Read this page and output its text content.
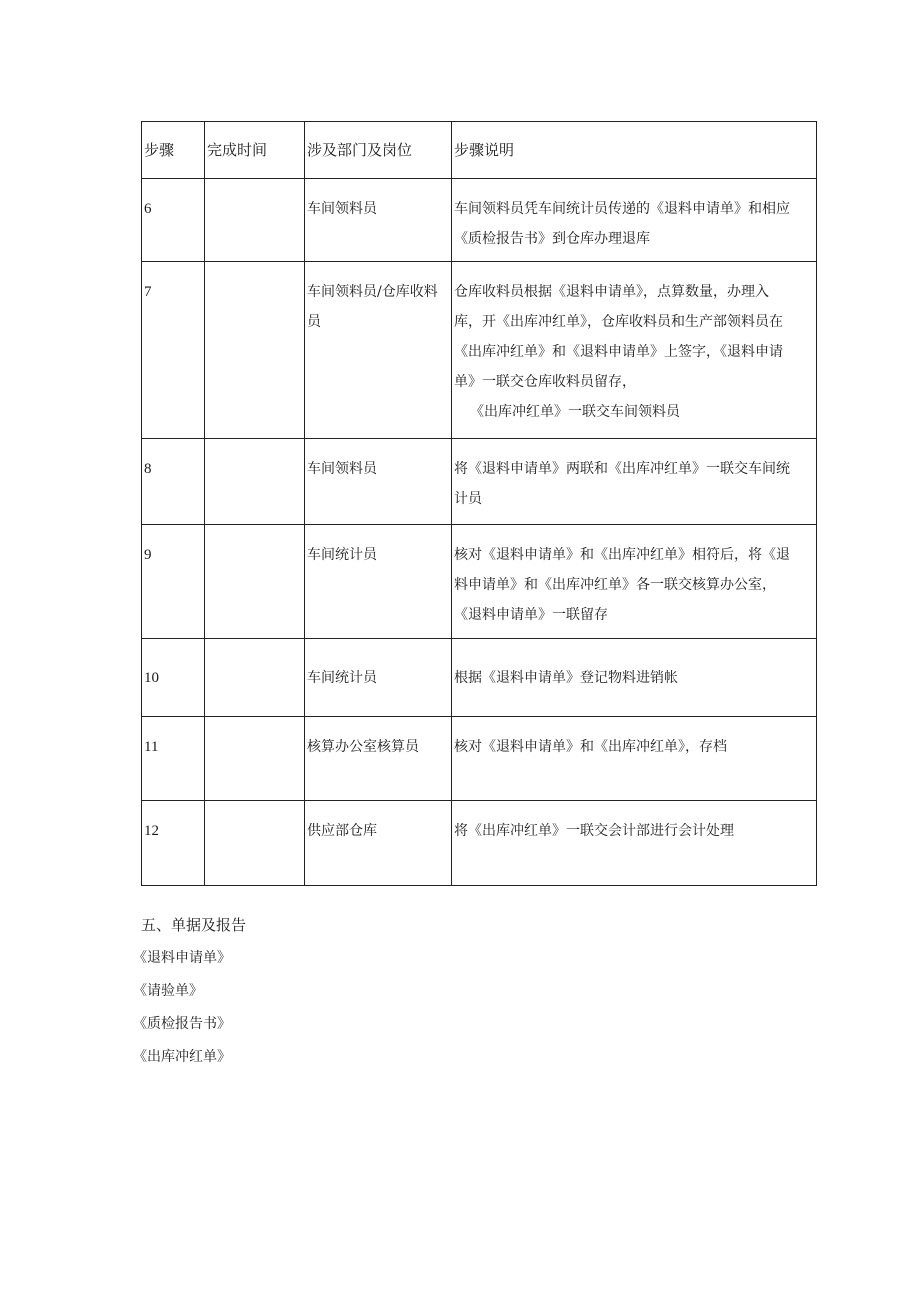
步骤	完成时间	涉及部门及岗位	步骤说明

6		车间领料员	车间领料员凭车间统计员传递的《退料申请单》和相应
《质检报告书》到仓库办理退库

7		车间领料员/仓库收料员	仓库收料员根据《退料申请单》，点算数量，办理入
库，开《出库冲红单》，仓库收料员和生产部领料员在
《出库冲红单》和《退料申请单》上签字，《退料申请
单》一联交仓库收料员留存，
《出库冲红单》一联交车间领料员

8		车间领料员	将《退料申请单》两联和《出库冲红单》一联交车间统
计员

9		车间统计员	核对《退料申请单》和《出库冲红单》相符后，将《退
料申请单》和《出库冲红单》各一联交核算办公室，
《退料申请单》一联留存

10		车间统计员	根据《退料申请单》登记物料进销帐

11		核算办公室核算员	核对《退料申请单》和《出库冲红单》，存档

12		供应部仓库	将《出库冲红单》一联交会计部进行会计处理
五、单据及报告
《退料申请单》
《请验单》
《质检报告书》
《出库冲红单》
